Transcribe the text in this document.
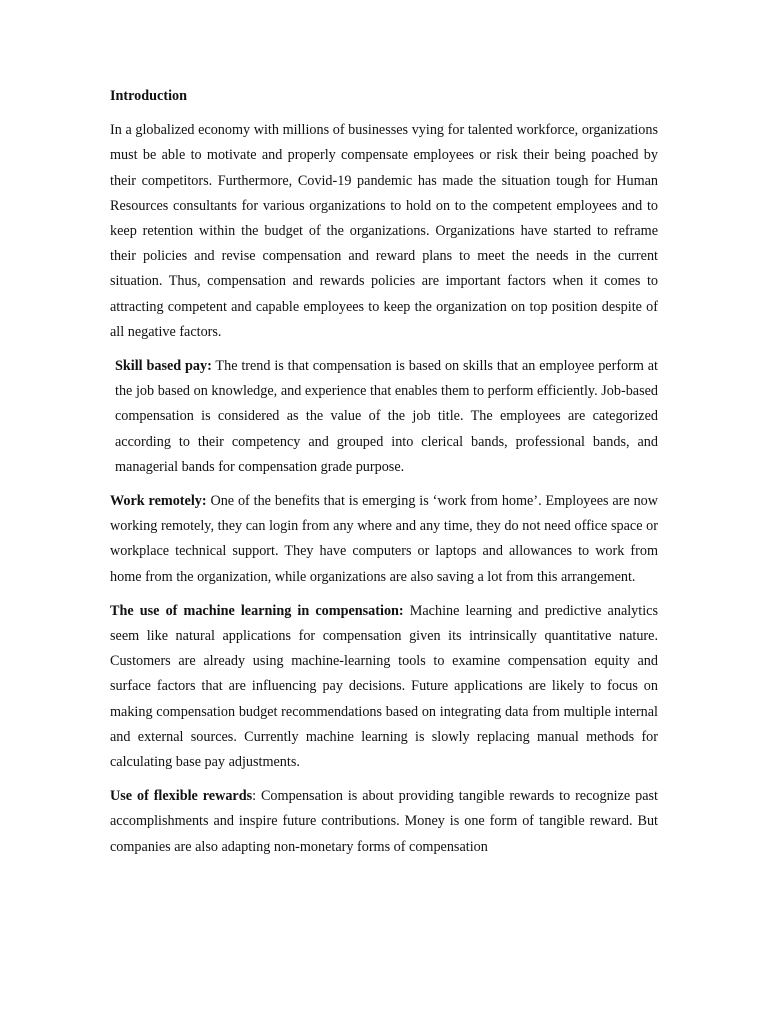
Introduction

In a globalized economy with millions of businesses vying for talented workforce, organizations must be able to motivate and properly compensate employees or risk their being poached by their competitors. Furthermore, Covid-19 pandemic has made the situation tough for Human Resources consultants for various organizations to hold on to the competent employees and to keep retention within the budget of the organizations. Organizations have started to reframe their policies and revise compensation and reward plans to meet the needs in the current situation. Thus, compensation and rewards policies are important factors when it comes to attracting competent and capable employees to keep the organization on top position despite of all negative factors.

Skill based pay: The trend is that compensation is based on skills that an employee perform at the job based on knowledge, and experience that enables them to perform efficiently. Job-based compensation is considered as the value of the job title. The employees are categorized according to their competency and grouped into clerical bands, professional bands, and managerial bands for compensation grade purpose.

Work remotely: One of the benefits that is emerging is ‘work from home’. Employees are now working remotely, they can login from any where and any time, they do not need office space or workplace technical support. They have computers or laptops and allowances to work from home from the organization, while organizations are also saving a lot from this arrangement.

The use of machine learning in compensation: Machine learning and predictive analytics seem like natural applications for compensation given its intrinsically quantitative nature. Customers are already using machine-learning tools to examine compensation equity and surface factors that are influencing pay decisions. Future applications are likely to focus on making compensation budget recommendations based on integrating data from multiple internal and external sources. Currently machine learning is slowly replacing manual methods for calculating base pay adjustments.

Use of flexible rewards: Compensation is about providing tangible rewards to recognize past accomplishments and inspire future contributions. Money is one form of tangible reward. But companies are also adapting non-monetary forms of compensation
